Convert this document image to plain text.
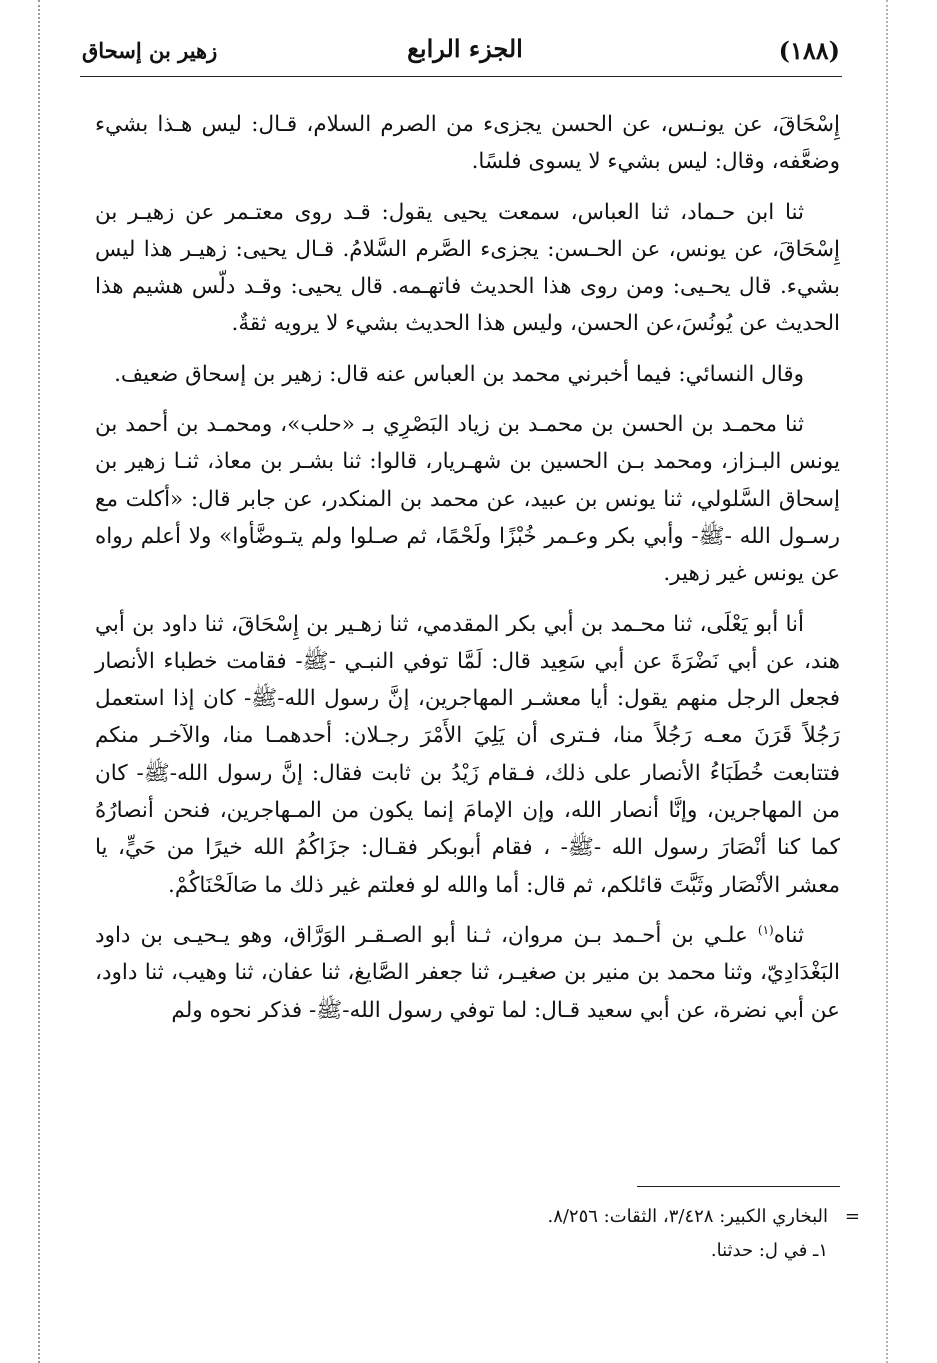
(١٨٨)
الجزء الرابع
زهير بن إسحاق

إِسْحَاقَ، عن يونـس، عن الحسن يجزىء من الصرم السلام، قـال: ليس هـذا بشيء وضعَّفه، وقال: ليس بشيء لا يسوى فلسًا.

ثنا ابن حـماد، ثنا العباس، سمعت يحيى يقول: قـد روى معتـمر عن زهيـر بن إِسْحَاقَ، عن يونس، عن الحـسن: يجزىء الصَّرم السَّلامُ. قـال يحيى: زهيـر هذا ليس بشيء. قال يحـيى: ومن روى هذا الحديث فاتهـمه. قال يحيى: وقـد دلّس هشيم هذا الحديث عن يُونُسَ،عن الحسن، وليس هذا الحديث بشيء لا يرويه ثقةٌ.

وقال النسائي: فيما أخبرني محمد بن العباس عنه قال: زهير بن إسحاق ضعيف.

ثنا محمـد بن الحسن بن محمـد بن زياد البَصْرِي بـ «حلب»، ومحمـد بن أحمد بن يونس البـزاز، ومحمد بـن الحسين بن شهـريار، قالوا: ثنا بشـر بن معاذ، ثنـا زهير بن إسحاق السَّلولي، ثنا يونس بن عبيد، عن محمد بن المنكدر، عن جابر قال: «أكلت مع رسـول الله -ﷺ- وأبي بكر وعـمر خُبْزًا ولَحْمًا، ثم صـلوا ولم يتـوضَّأوا» ولا أعلم رواه عن يونس غير زهير.

أنا أبو يَعْلَى، ثنا محـمد بن أبي بكر المقدمي، ثنا زهـير بن إِسْحَاقَ، ثنا داود بن أبي هند، عن أبي نَضْرَةَ عن أبي سَعِيد قال: لَمَّا توفي النبـي -ﷺ- فقامت خطباء الأنصار فجعل الرجل منهم يقول: أيا معشـر المهاجرين، إنَّ رسول الله-ﷺ- كان إذا استعمل رَجُلاً قَرَنَ معـه رَجُلاً منا، فـترى أن يَلِيَ الأَمْرَ رجـلان: أحدهمـا منا، والآخـر منكم فتتابعت خُطَبَاءُ الأنصار على ذلك، فـقام زَيْدُ بن ثابت فقال: إنَّ رسول الله-ﷺ- كان من المهاجرين، وإنَّا أنصار الله، وإن الإمامَ إنما يكون من المـهاجرين، فنحن أنصارُهُ كما كنا أنْصَارَ رسول الله -ﷺ- ، فقام أبوبكر فقـال: جزَاكُمُ الله خيرًا من حَيٍّ، يا معشر الأنْصَار وثَبَّتَ قائلكم، ثم قال: أما والله لو فعلتم غير ذلك ما صَالَحْنَاكُمْ.

ثناه$^{(١)}$ علـي بن أحـمد بـن مروان، ثـنا أبو الصـقـر الوَرَّاق، وهو يـحيـى بن داود البَغْدَادِيّ، وثنا محمد بن منير بن صغيـر، ثنا جعفر الصَّايغ، ثنا عفان، ثنا وهيب، ثنا داود، عن أبي نضرة، عن أبي سعيد قـال: لما توفي رسول الله-ﷺ- فذكر نحوه ولم

=
البخاري الكبير: ٣/٤٢٨، الثقات: ٨/٢٥٦.

١ـ في ل: حدثنا.
